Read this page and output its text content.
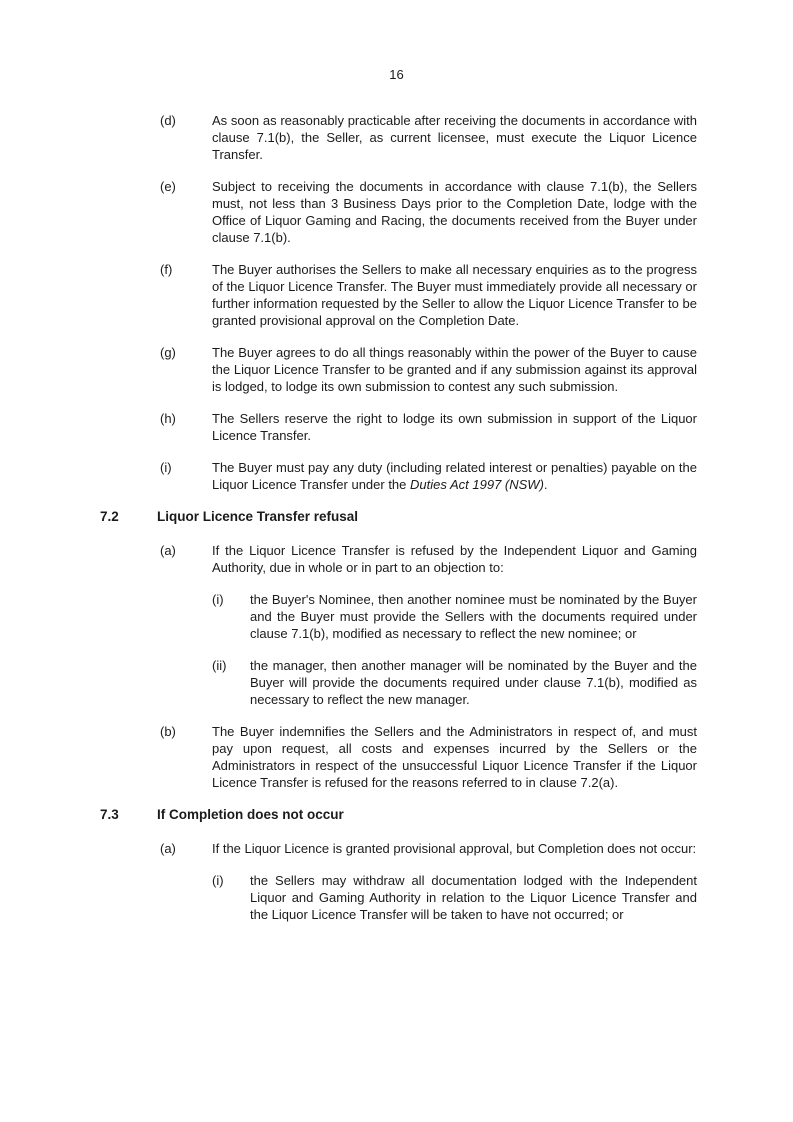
16
(d)	As soon as reasonably practicable after receiving the documents in accordance with clause 7.1(b), the Seller, as current licensee, must execute the Liquor Licence Transfer.
(e)	Subject to receiving the documents in accordance with clause 7.1(b), the Sellers must, not less than 3 Business Days prior to the Completion Date, lodge with the Office of Liquor Gaming and Racing, the documents received from the Buyer under clause 7.1(b).
(f)	The Buyer authorises the Sellers to make all necessary enquiries as to the progress of the Liquor Licence Transfer. The Buyer must immediately provide all necessary or further information requested by the Seller to allow the Liquor Licence Transfer to be granted provisional approval on the Completion Date.
(g)	The Buyer agrees to do all things reasonably within the power of the Buyer to cause the Liquor Licence Transfer to be granted and if any submission against its approval is lodged, to lodge its own submission to contest any such submission.
(h)	The Sellers reserve the right to lodge its own submission in support of the Liquor Licence Transfer.
(i)	The Buyer must pay any duty (including related interest or penalties) payable on the Liquor Licence Transfer under the Duties Act 1997 (NSW).
7.2	Liquor Licence Transfer refusal
(a)	If the Liquor Licence Transfer is refused by the Independent Liquor and Gaming Authority, due in whole or in part to an objection to:
(i)	the Buyer's Nominee, then another nominee must be nominated by the Buyer and the Buyer must provide the Sellers with the documents required under clause 7.1(b), modified as necessary to reflect the new nominee; or
(ii)	the manager, then another manager will be nominated by the Buyer and the Buyer will provide the documents required under clause 7.1(b), modified as necessary to reflect the new manager.
(b)	The Buyer indemnifies the Sellers and the Administrators in respect of, and must pay upon request, all costs and expenses incurred by the Sellers or the Administrators in respect of the unsuccessful Liquor Licence Transfer if the Liquor Licence Transfer is refused for the reasons referred to in clause 7.2(a).
7.3	If Completion does not occur
(a)	If the Liquor Licence is granted provisional approval, but Completion does not occur:
(i)	the Sellers may withdraw all documentation lodged with the Independent Liquor and Gaming Authority in relation to the Liquor Licence Transfer and the Liquor Licence Transfer will be taken to have not occurred; or
